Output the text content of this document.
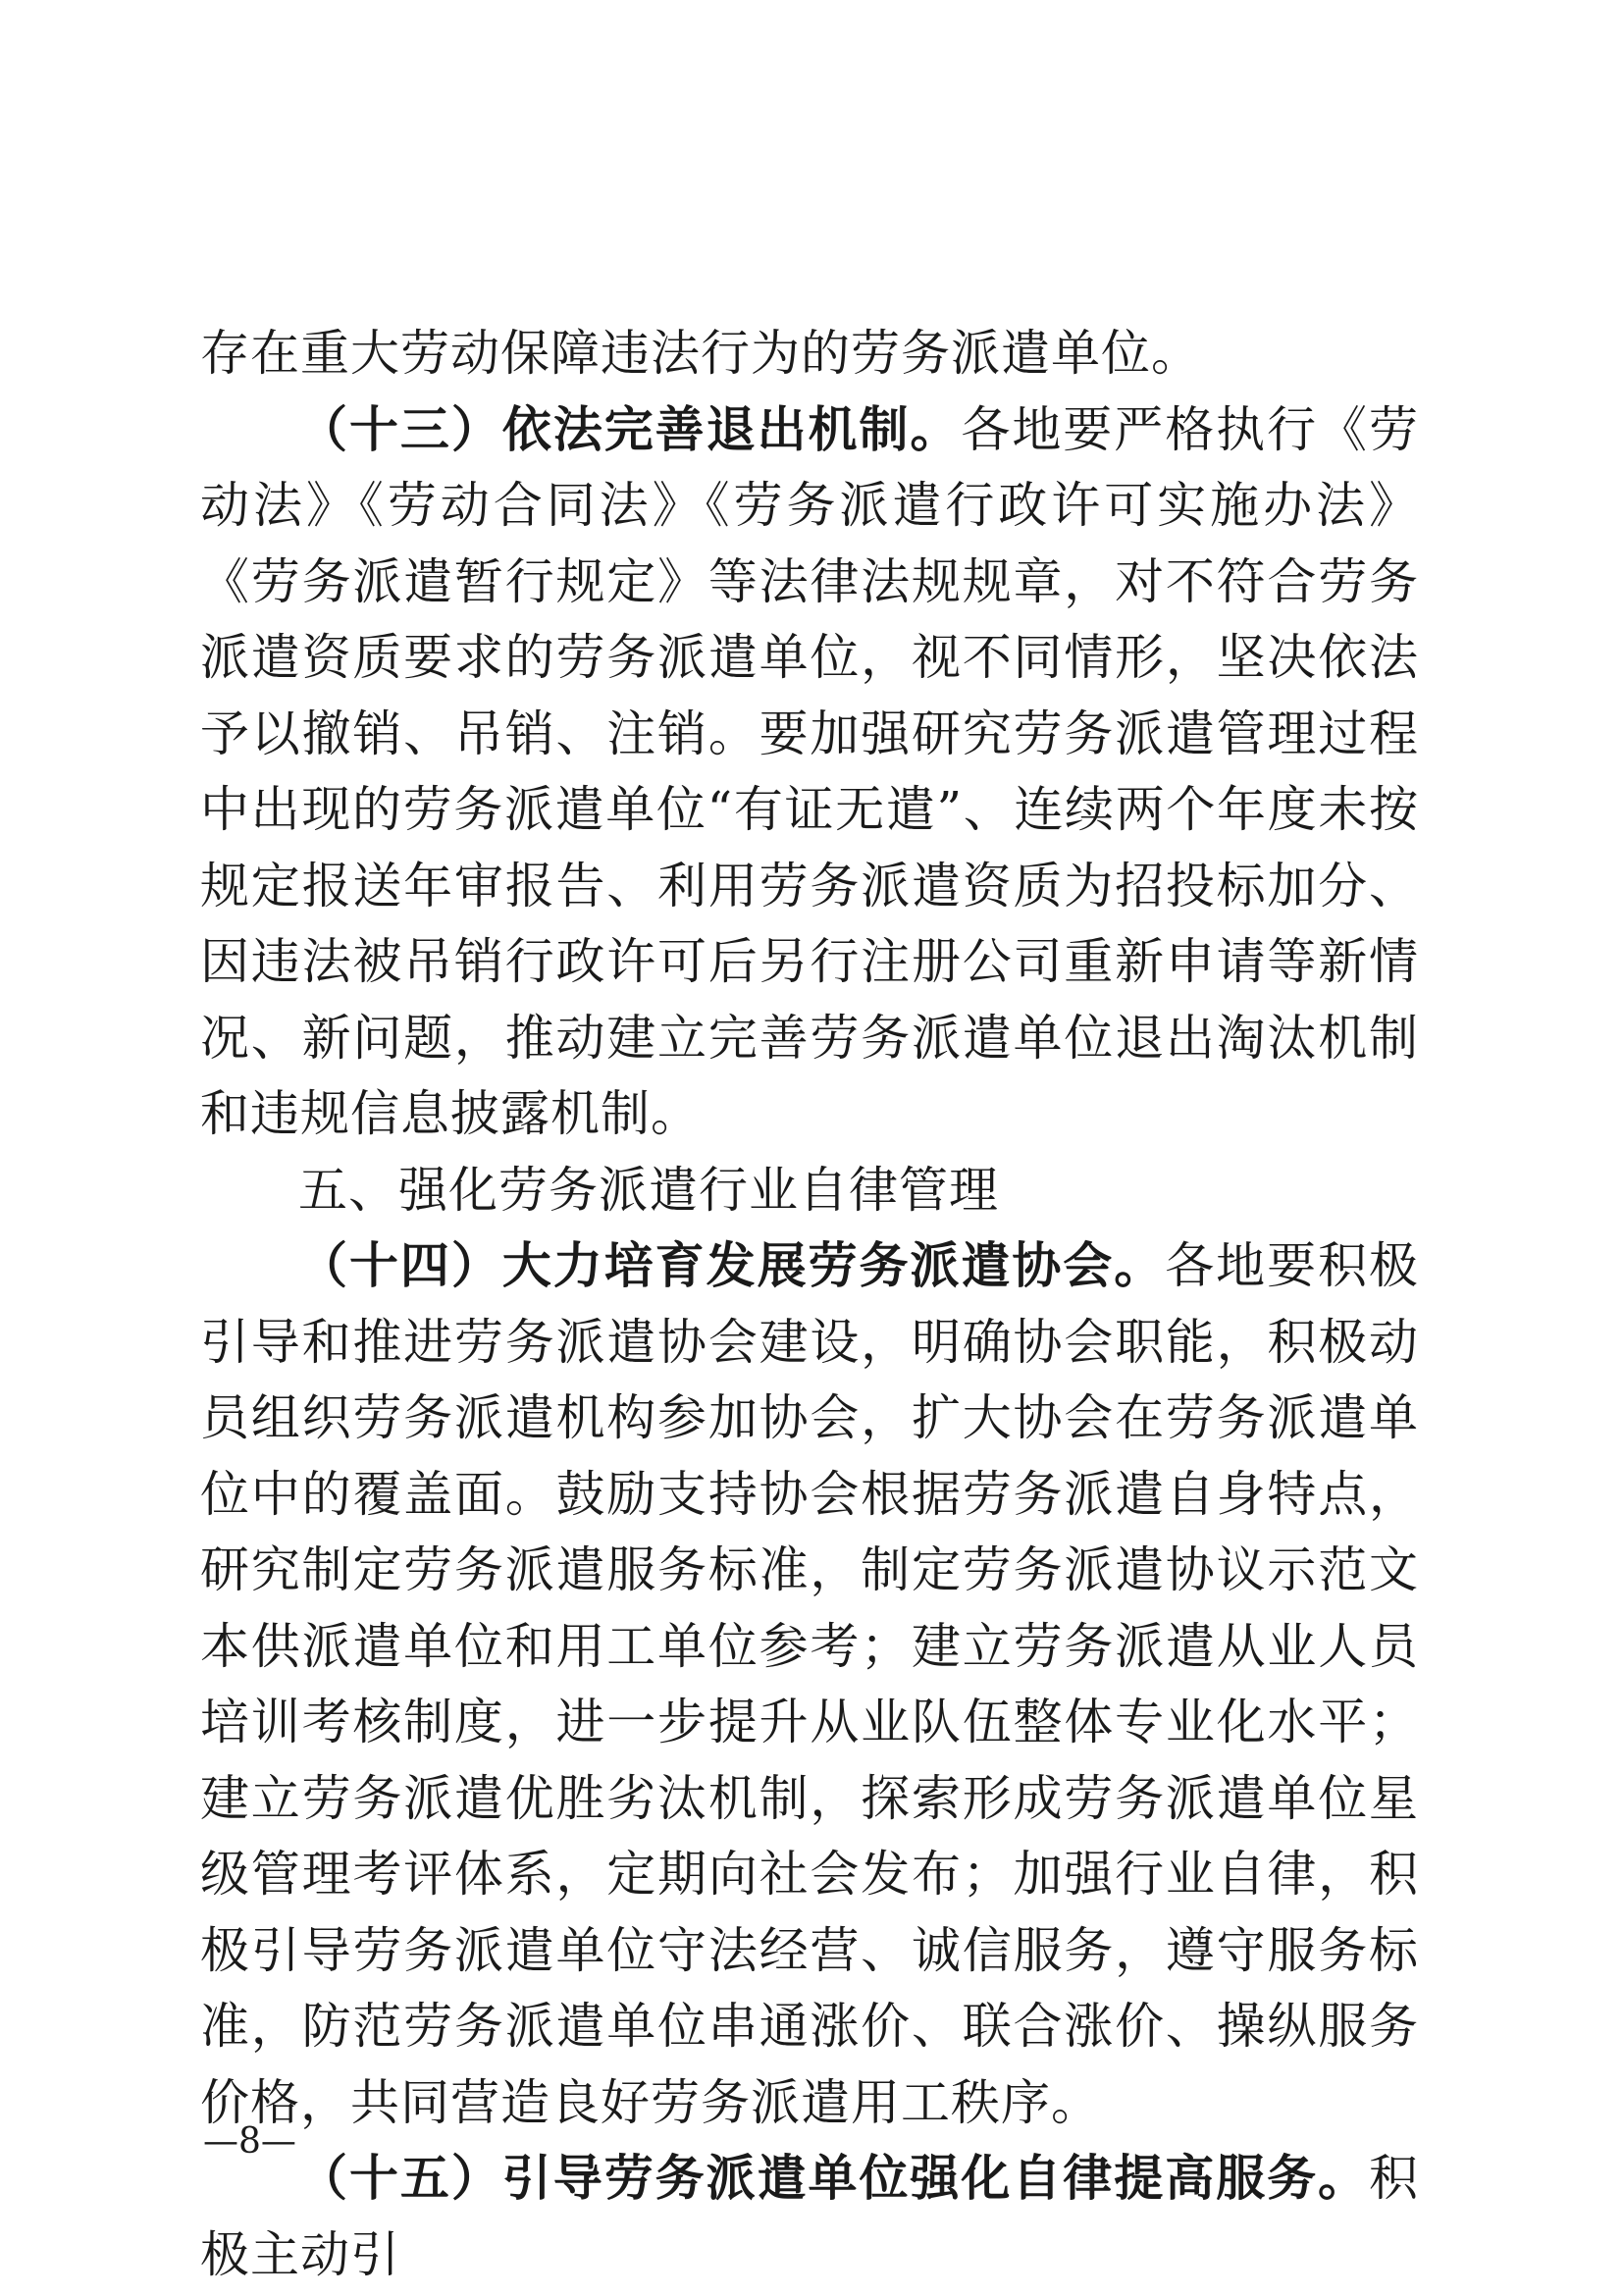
存在重大劳动保障违法行为的劳务派遣单位。

（十三）依法完善退出机制。各地要严格执行《劳动法》《劳动合同法》《劳务派遣行政许可实施办法》《劳务派遣暂行规定》等法律法规规章，对不符合劳务派遣资质要求的劳务派遣单位，视不同情形，坚决依法予以撤销、吊销、注销。要加强研究劳务派遣管理过程中出现的劳务派遣单位“有证无遣”、连续两个年度未按规定报送年审报告、利用劳务派遣资质为招投标加分、因违法被吊销行政许可后另行注册公司重新申请等新情况、新问题，推动建立完善劳务派遣单位退出淘汰机制和违规信息披露机制。

五、强化劳务派遣行业自律管理

（十四）大力培育发展劳务派遣协会。各地要积极引导和推进劳务派遣协会建设，明确协会职能，积极动员组织劳务派遣机构参加协会，扩大协会在劳务派遣单位中的覆盖面。鼓励支持协会根据劳务派遣自身特点，研究制定劳务派遣服务标准，制定劳务派遣协议示范文本供派遣单位和用工单位参考；建立劳务派遣从业人员培训考核制度，进一步提升从业队伍整体专业化水平；建立劳务派遣优胜劣汰机制，探索形成劳务派遣单位星级管理考评体系，定期向社会发布；加强行业自律，积极引导劳务派遣单位守法经营、诚信服务，遵守服务标准，防范劳务派遣单位串通涨价、联合涨价、操纵服务价格，共同营造良好劳务派遣用工秩序。

（十五）引导劳务派遣单位强化自律提高服务。积极主动引

—8—
